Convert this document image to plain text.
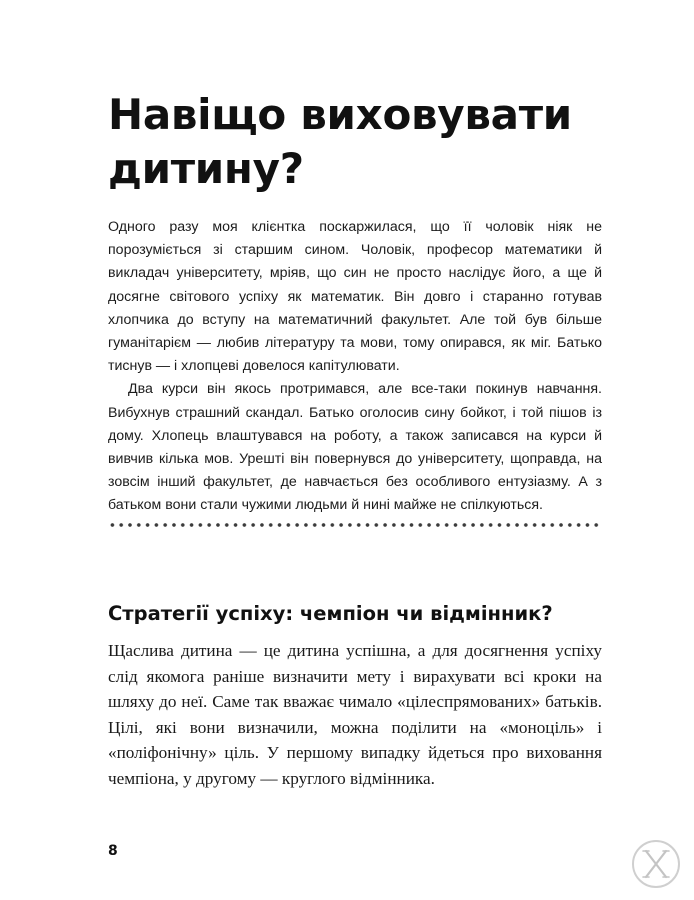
Навіщо виховувати дитину?

Одного разу моя клієнтка поскаржилася, що її чоловік ніяк не порозуміється зі старшим сином. Чоловік, професор математики й викладач університету, мріяв, що син не просто наслідує його, а ще й досягне світового успіху як математик. Він довго і старанно готував хлопчика до вступу на математичний факультет. Але той був більше гуманітарієм — любив літературу та мови, тому опирався, як міг. Батько тиснув — і хлопцеві довелося капітулювати.

Два курси він якось протримався, але все-таки покинув навчання. Вибухнув страшний скандал. Батько оголосив сину бойкот, і той пішов із дому. Хлопець влаштувався на роботу, а також записався на курси й вивчив кілька мов. Урешті він повернувся до університету, щоправда, на зовсім інший факультет, де навчається без особливого ентузіазму. А з батьком вони стали чужими людьми й нині майже не спілкуються.

Стратегії успіху: чемпіон чи відмінник?

Щаслива дитина — це дитина успішна, а для досягнення успіху слід якомога раніше визначити мету і вирахувати всі кроки на шляху до неї. Саме так вважає чимало «цілеспрямованих» батьків. Цілі, які вони визначили, можна поділити на «моноціль» і «поліфонічну» ціль. У першому випадку йдеться про виховання чемпіона, у другому — круглого відмінника.

8
